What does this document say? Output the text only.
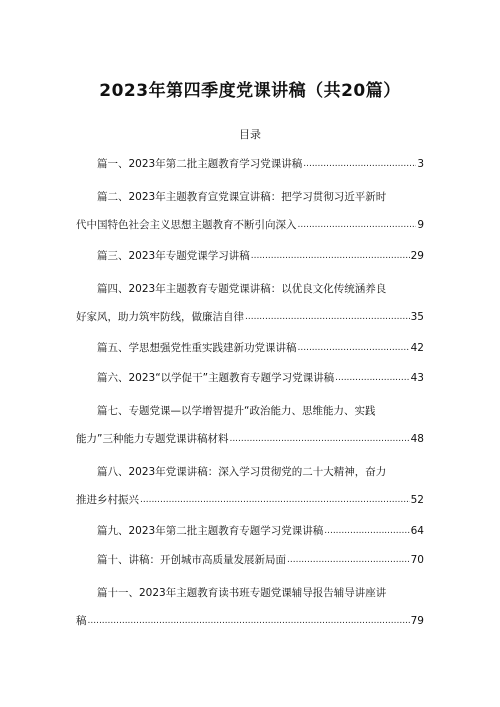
2023年第四季度党课讲稿（共20篇）
目录
篇一、2023年第二批主题教育学习党课讲稿 .....	3
篇二、2023年主题教育宣党课宣讲稿：把学习贯彻习近平新时
代中国特色社会主义思想主题教育不断引向深入 .....	9
篇三、2023年专题党课学习讲稿 .....	29
篇四、2023年主题教育专题党课讲稿：以优良文化传统涵养良
好家风，助力筑牢防线，做廉洁自律 .....	35
篇五、学思想强党性重实践建新功党课讲稿 .....	42
篇六、2023“以学促干”主题教育专题学习党课讲稿 .....	43
篇七、专题党课—以学增智提升“政治能力、思维能力、实践
能力”三种能力专题党课讲稿材料 .....	48
篇八、2023年党课讲稿：深入学习贯彻党的二十大精神，奋力
推进乡村振兴 .....	52
篇九、2023年第二批主题教育专题学习党课讲稿 .....	64
篇十、讲稿：开创城市高质量发展新局面 .....	70
篇十一、2023年主题教育读书班专题党课辅导报告辅导讲座讲
稿 .....	79
